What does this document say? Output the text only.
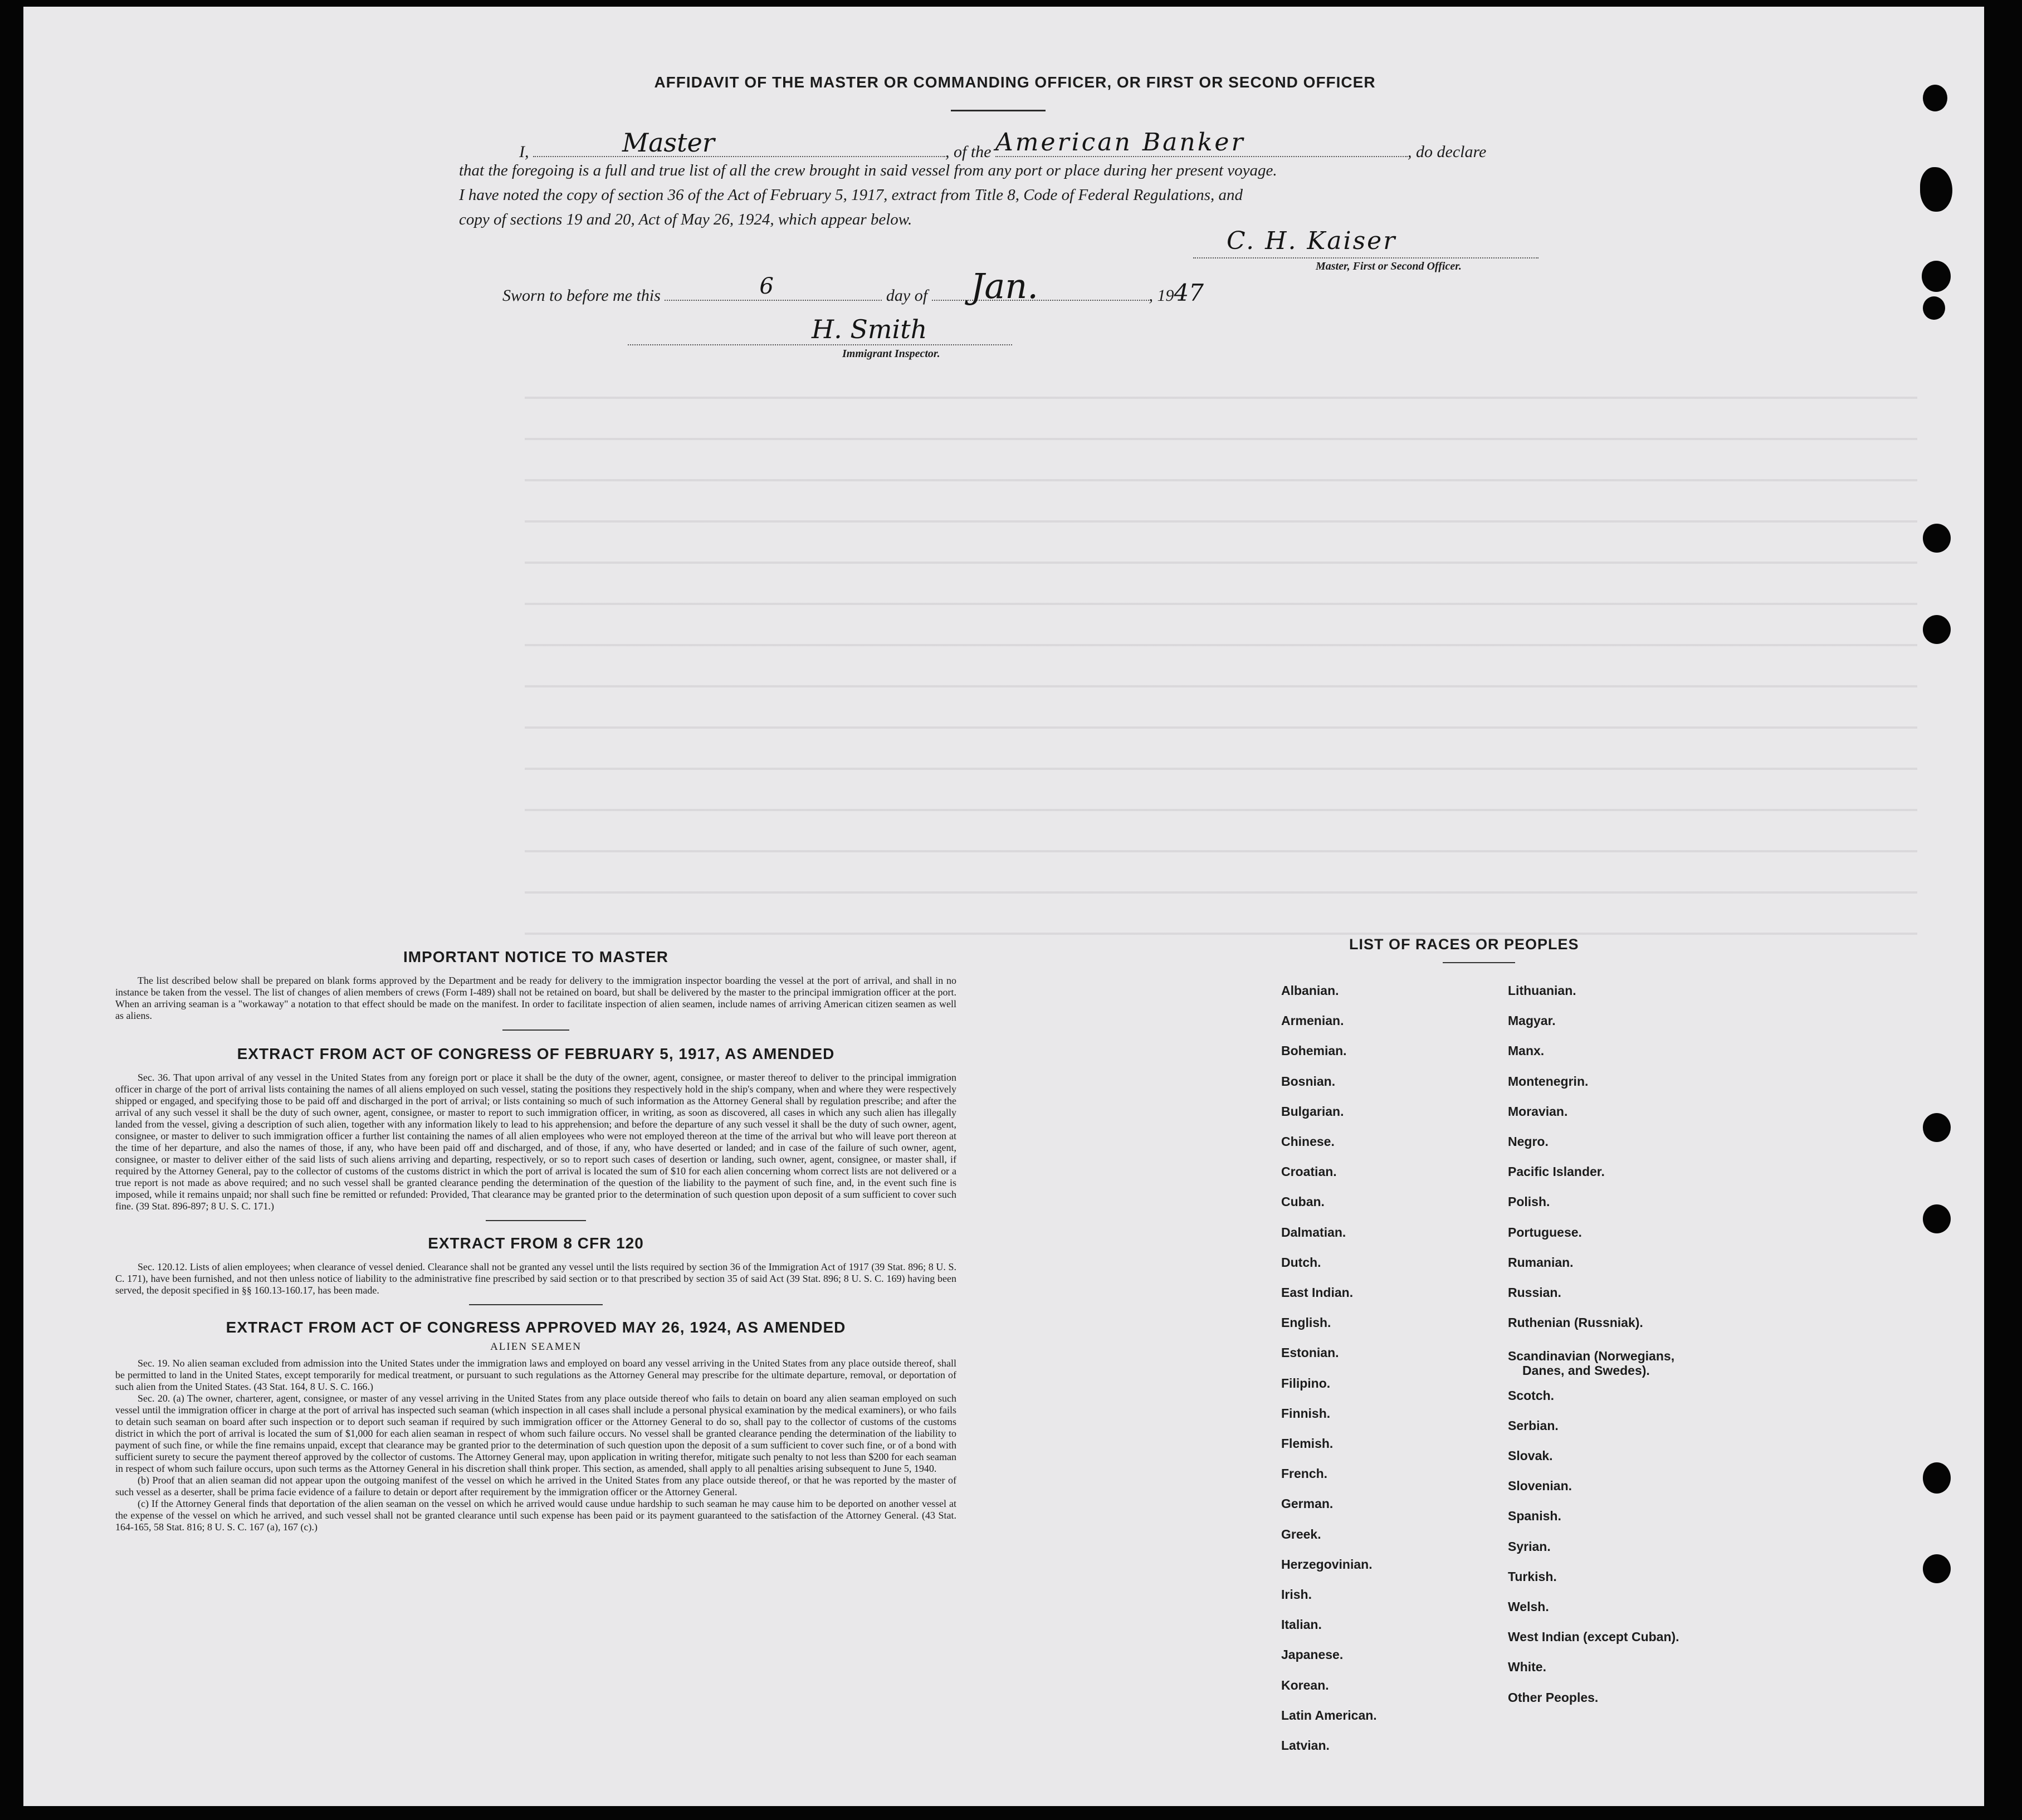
AFFIDAVIT OF THE MASTER OR COMMANDING OFFICER, OR FIRST OR SECOND OFFICER
I,	Master	, of the American Banker	, do declare
that the foregoing is a full and true list of all the crew brought in said vessel from any port or place during her present voyage.
I have noted the copy of section 36 of the Act of February 5, 1917, extract from Title 8, Code of Federal Regulations, and
copy of sections 19 and 20, Act of May 26, 1924, which appear below.
C. H. Kaiser
Master, First or Second Officer.
Sworn to before me this	6	day of Jan.	, 1947
H. Smith
Immigrant Inspector.
IMPORTANT NOTICE TO MASTER

The list described below shall be prepared on blank forms approved by the Department and be ready for delivery to the immigration inspector boarding the vessel at the port of arrival, and shall in no instance be taken from the vessel. The list of changes of alien members of crews (Form I-489) shall not be retained on board, but shall be delivered by the master to the principal immigration officer at the port. When an arriving seaman is a "workaway" a notation to that effect should be made on the manifest. In order to facilitate inspection of alien seamen, include names of arriving American citizen seamen as well as aliens.

EXTRACT FROM ACT OF CONGRESS OF FEBRUARY 5, 1917, AS AMENDED

Sec. 36. That upon arrival of any vessel in the United States from any foreign port or place it shall be the duty of the owner, agent, consignee, or master thereof to deliver to the principal immigration officer in charge of the port of arrival lists containing the names of all aliens employed on such vessel, stating the positions they respectively hold in the ship's company, when and where they were respectively shipped or engaged, and specifying those to be paid off and discharged in the port of arrival; or lists containing so much of such information as the Attorney General shall by regulation prescribe; and after the arrival of any such vessel it shall be the duty of such owner, agent, consignee, or master to report to such immigration officer, in writing, as soon as discovered, all cases in which any such alien has illegally landed from the vessel, giving a description of such alien, together with any information likely to lead to his apprehension; and before the departure of any such vessel it shall be the duty of such owner, agent, consignee, or master to deliver to such immigration officer a further list containing the names of all alien employees who were not employed thereon at the time of the arrival but who will leave port thereon at the time of her departure, and also the names of those, if any, who have been paid off and discharged, and of those, if any, who have deserted or landed; and in case of the failure of such owner, agent, consignee, or master to deliver either of the said lists of such aliens arriving and departing, respectively, or so to report such cases of desertion or landing, such owner, agent, consignee, or master shall, if required by the Attorney General, pay to the collector of customs of the customs district in which the port of arrival is located the sum of $10 for each alien concerning whom correct lists are not delivered or a true report is not made as above required; and no such vessel shall be granted clearance pending the determination of the question of the liability to the payment of such fine, and, in the event such fine is imposed, while it remains unpaid; nor shall such fine be remitted or refunded: Provided, That clearance may be granted prior to the determination of such question upon deposit of a sum sufficient to cover such fine. (39 Stat. 896-897; 8 U. S. C. 171.)

EXTRACT FROM 8 CFR 120

Sec. 120.12. Lists of alien employees; when clearance of vessel denied. Clearance shall not be granted any vessel until the lists required by section 36 of the Immigration Act of 1917 (39 Stat. 896; 8 U. S. C. 171), have been furnished, and not then unless notice of liability to the administrative fine prescribed by said section or to that prescribed by section 35 of said Act (39 Stat. 896; 8 U. S. C. 169) having been served, the deposit specified in §§ 160.13-160.17, has been made.

EXTRACT FROM ACT OF CONGRESS APPROVED MAY 26, 1924, AS AMENDED
ALIEN SEAMEN

Sec. 19. No alien seaman excluded from admission into the United States under the immigration laws and employed on board any vessel arriving in the United States from any place outside thereof, shall be permitted to land in the United States, except temporarily for medical treatment, or pursuant to such regulations as the Attorney General may prescribe for the ultimate departure, removal, or deportation of such alien from the United States. (43 Stat. 164, 8 U. S. C. 166.)

Sec. 20. (a) The owner, charterer, agent, consignee, or master of any vessel arriving in the United States from any place outside thereof who fails to detain on board any alien seaman employed on such vessel until the immigration officer in charge at the port of arrival has inspected such seaman (which inspection in all cases shall include a personal physical examination by the medical examiners), or who fails to detain such seaman on board after such inspection or to deport such seaman if required by such immigration officer or the Attorney General to do so, shall pay to the collector of customs of the customs district in which the port of arrival is located the sum of $1,000 for each alien seaman in respect of whom such failure occurs. No vessel shall be granted clearance pending the determination of the liability to payment of such fine, or while the fine remains unpaid, except that clearance may be granted prior to the determination of such question upon the deposit of a sum sufficient to cover such fine, or of a bond with sufficient surety to secure the payment thereof approved by the collector of customs. The Attorney General may, upon application in writing therefor, mitigate such penalty to not less than $200 for each seaman in respect of whom such failure occurs, upon such terms as the Attorney General in his discretion shall think proper. This section, as amended, shall apply to all penalties arising subsequent to June 5, 1940.

(b) Proof that an alien seaman did not appear upon the outgoing manifest of the vessel on which he arrived in the United States from any place outside thereof, or that he was reported by the master of such vessel as a deserter, shall be prima facie evidence of a failure to detain or deport after requirement by the immigration officer or the Attorney General.

(c) If the Attorney General finds that deportation of the alien seaman on the vessel on which he arrived would cause undue hardship to such seaman he may cause him to be deported on another vessel at the expense of the vessel on which he arrived, and such vessel shall not be granted clearance until such expense has been paid or its payment guaranteed to the satisfaction of the Attorney General. (43 Stat. 164-165, 58 Stat. 816; 8 U. S. C. 167 (a), 167 (c).)

LIST OF RACES OR PEOPLES
Albanian.
Armenian.
Bohemian.
Bosnian.
Bulgarian.
Chinese.
Croatian.
Cuban.
Dalmatian.
Dutch.
East Indian.
English.
Estonian.
Filipino.
Finnish.
Flemish.
French.
German.
Greek.
Herzegovinian.
Irish.
Italian.
Japanese.
Korean.
Latin American.
Latvian.
Lithuanian.
Magyar.
Manx.
Montenegrin.
Moravian.
Negro.
Pacific Islander.
Polish.
Portuguese.
Rumanian.
Russian.
Ruthenian (Russniak).
Scandinavian (Norwegians,
Danes, and Swedes).
Scotch.
Serbian.
Slovak.
Slovenian.
Spanish.
Syrian.
Turkish.
Welsh.
West Indian (except Cuban).
White.
Other Peoples.
